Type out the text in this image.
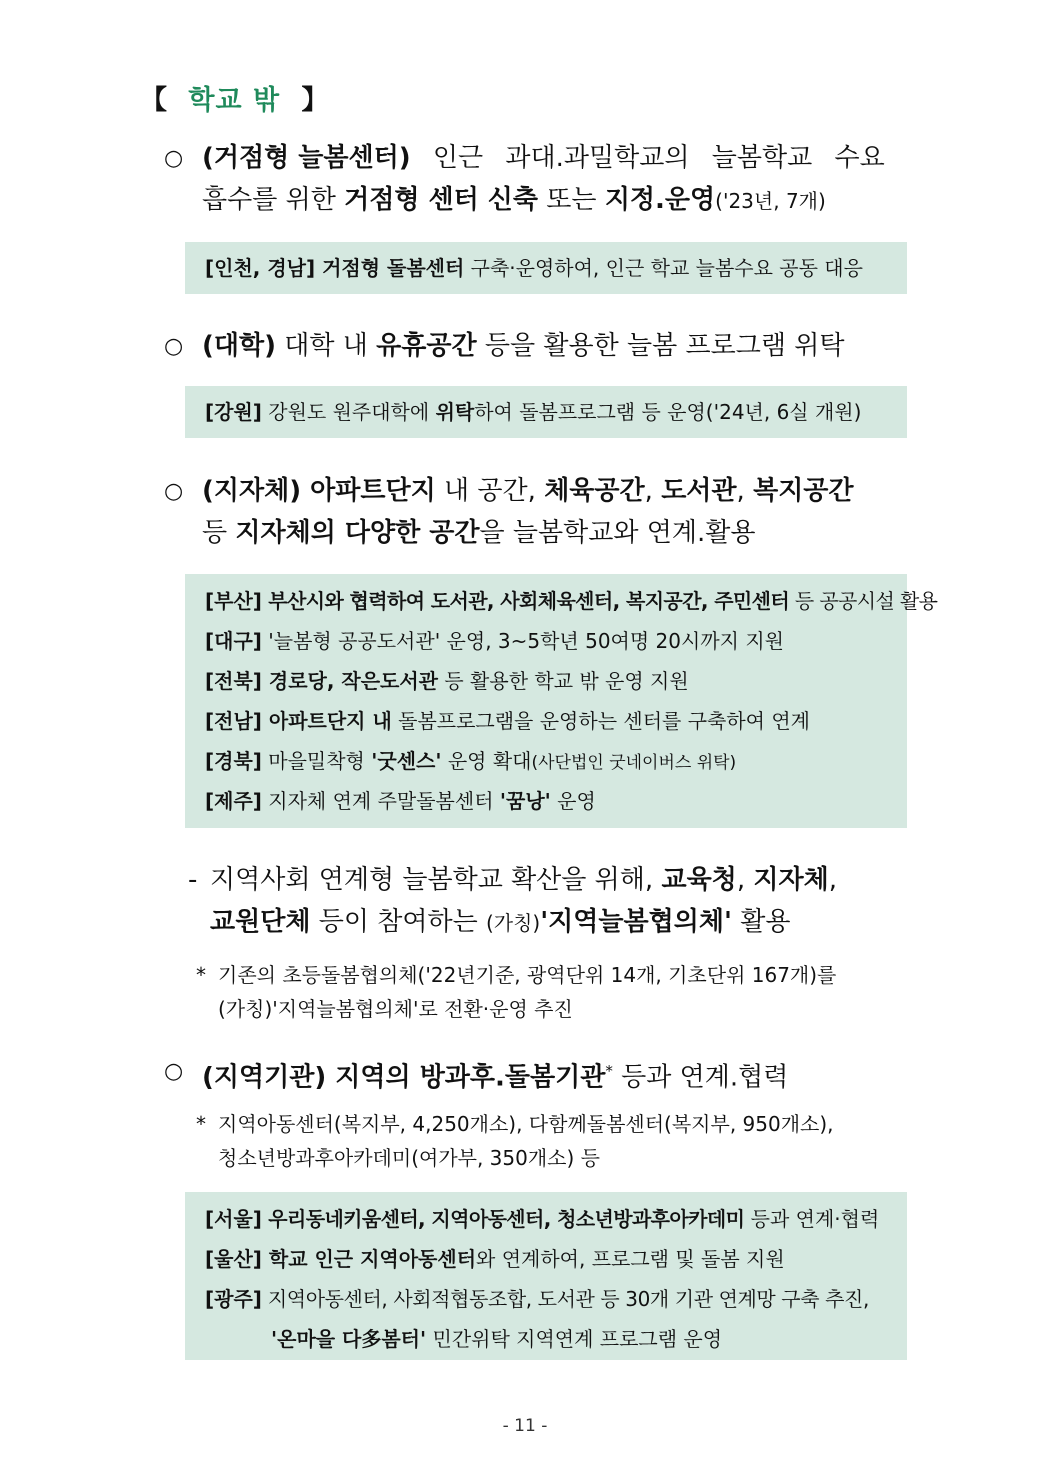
【 학교 밖 】
○ (거점형 늘봄센터) 인근 과대.과밀학교의 늘봄학교 수요
흡수를 위한 거점형 센터 신축 또는 지정.운영('23년, 7개)
[인천, 경남] 거점형 돌봄센터 구축·운영하여, 인근 학교 늘봄수요 공동 대응
○ (대학) 대학 내 유휴공간 등을 활용한 늘봄 프로그램 위탁
[강원] 강원도 원주대학에 위탁하여 돌봄프로그램 등 운영('24년, 6실 개원)
○ (지자체) 아파트단지 내 공간, 체육공간, 도서관, 복지공간
등 지자체의 다양한 공간을 늘봄학교와 연계.활용
[부산] 부산시와 협력하여 도서관, 사회체육센터, 복지공간, 주민센터 등 공공시설 활용
[대구] '늘봄형 공공도서관' 운영, 3~5학년 50여명 20시까지 지원
[전북] 경로당, 작은도서관 등 활용한 학교 밖 운영 지원
[전남] 아파트단지 내 돌봄프로그램을 운영하는 센터를 구축하여 연계
[경북] 마을밀착형 '굿센스' 운영 확대(사단법인 굿네이버스 위탁)
[제주] 지자체 연계 주말돌봄센터 '꿈낭' 운영
- 지역사회 연계형 늘봄학교 확산을 위해, 교육청, 지자체,
교원단체 등이 참여하는 (가칭)'지역늘봄협의체' 활용
* 기존의 초등돌봄협의체('22년기준, 광역단위 14개, 기초단위 167개)를
(가칭)'지역늘봄협의체'로 전환·운영 추진
○ (지역기관) 지역의 방과후.돌봄기관* 등과 연계.협력
* 지역아동센터(복지부, 4,250개소), 다함께돌봄센터(복지부, 950개소),
청소년방과후아카데미(여가부, 350개소) 등
[서울] 우리동네키움센터, 지역아동센터, 청소년방과후아카데미 등과 연계·협력
[울산] 학교 인근 지역아동센터와 연계하여, 프로그램 및 돌봄 지원
[광주] 지역아동센터, 사회적협동조합, 도서관 등 30개 기관 연계망 구축 추진,
'온마을 다多봄터' 민간위탁 지역연계 프로그램 운영
- 11 -
